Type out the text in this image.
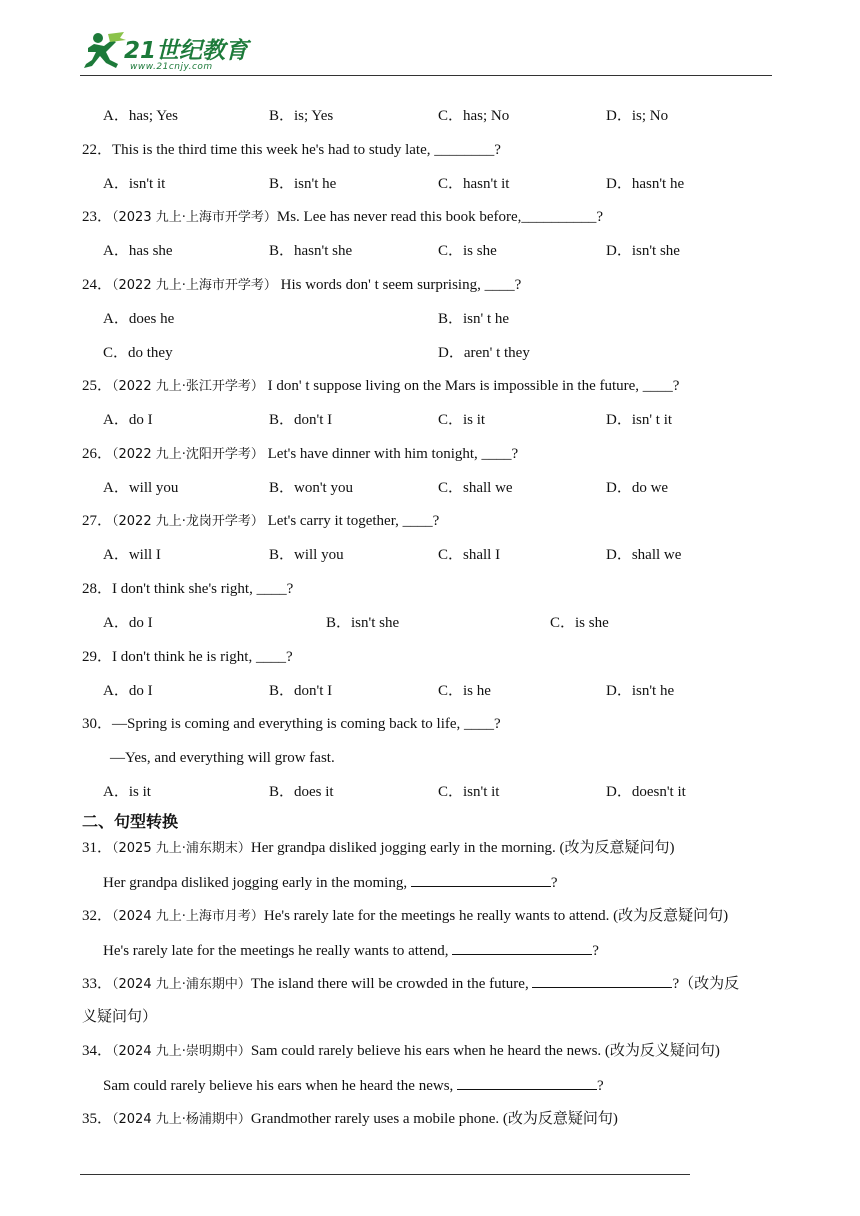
21世纪教育
www.21cnjy.com
A．has; Yes	B．is; Yes	C．has; No	D．is; No
22．This is the third time this week he's had to study late, ________?
A．isn't it	B．isn't he	C．hasn't it	D．hasn't he
23．（2023 九上·上海市开学考）Ms. Lee has never read this book before,__________?
A．has she	B．hasn't she	C．is she	D．isn't she
24．（2022 九上·上海市开学考） His words don' t seem surprising, ____?
A．does he	B．isn' t he
C．do they	D．aren' t they
25．（2022 九上·张江开学考） I don' t suppose living on the Mars is impossible in the future, ____?
A．do I	B．don't I	C．is it	D．isn' t it
26．（2022 九上·沈阳开学考） Let's have dinner with him tonight, ____?
A．will you	B．won't you	C．shall we	D．do we
27．（2022 九上·龙岗开学考） Let's carry it together, ____?
A．will I	B．will you	C．shall I	D．shall we
28．I don't think she's right, ____?
A．do I	B．isn't she	C．is she
29．I don't think he is right, ____?
A．do I	B．don't I	C．is he	D．isn't he
30．—Spring is coming and everything is coming back to life, ____?
—Yes, and everything will grow fast.
A．is it	B．does it	C．isn't it	D．doesn't it
二、句型转换
31．（2025 九上·浦东期末）Her grandpa disliked jogging early in the morning. (改为反意疑问句)
Her grandpa disliked jogging early in the moming,	?
32．（2024 九上·上海市月考）He's rarely late for the meetings he really wants to attend. (改为反意疑问句)
He's rarely late for the meetings he really wants to attend,	?
33．（2024 九上·浦东期中）The island there will be crowded in the future,	?（改为反
义疑问句）
34．（2024 九上·崇明期中）Sam could rarely believe his ears when he heard the news. (改为反义疑问句)
Sam could rarely believe his ears when he heard the news,	?
35．（2024 九上·杨浦期中）Grandmother rarely uses a mobile phone. (改为反意疑问句)
